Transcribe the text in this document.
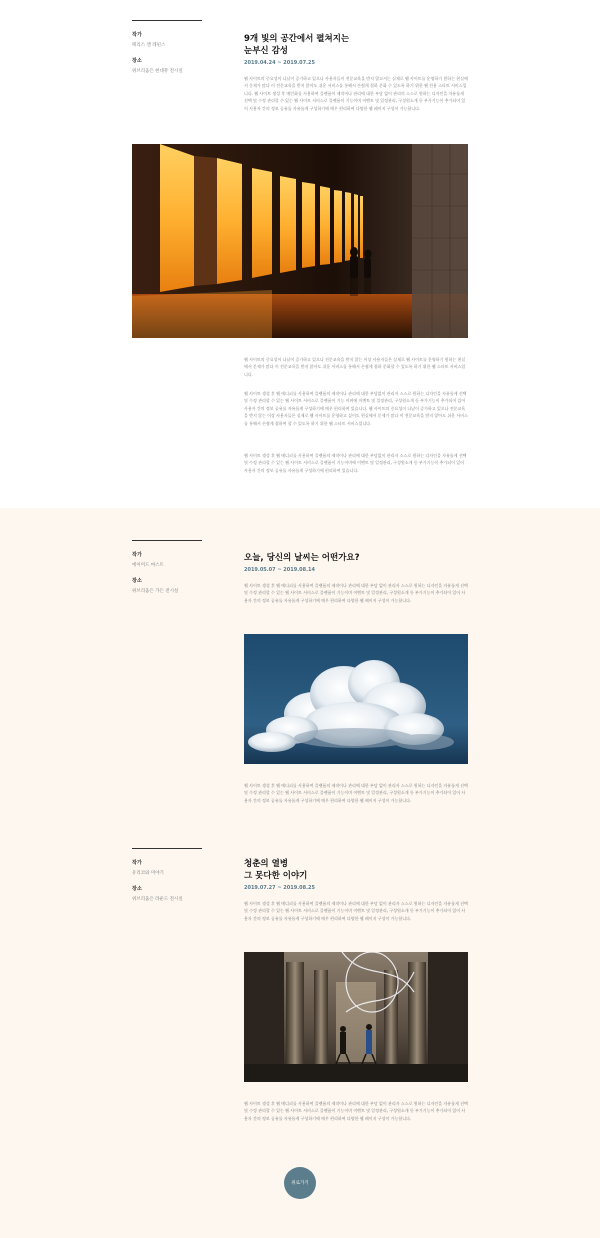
작가
페리스 앤 레핀스
장소
위브리움은 현대뮤 전시실
9개 빛의 공간에서 펼쳐지는
눈부신 감성
2019.04.24 ~ 2019.07.25
웹 사이트의 중요성이 나날이 증가하고 있으나 사용자들이 전문교육을 받지 않고서는 실제로 웹 사이트를 운영하기 원하는 현실에서 문제가 많다 이 전문교육을 받지 않아도 쉬운 서비스를 통해서 손쉽게 접하 문화 수 있도록 하기 위한 웹 전용 스타트 서비스입니다. 웹 사이트 생성 후 메인화를 사용하여 플랫폼이 제작이나 관리에 대한 부담 없이 관리의 스스로 원하는 디자인을 자유롭게 선택 및 수정 관리할 수 있는 웹 사이트 서비스로 플랫폼이 기능이며 이벤트 및 일정관리, 구성원소개 등 부가기능이 추가되어 있어 사용자 간의 정보 공유를 자유롭게 구성하기에 매우 편리하여 다양한 웹 페이지 구성이 가능합니다.
웹 사이트의 중요성이 나날이 증가하고 있으나 전문교육을 받지 않는 이상 사용자들은 실제로 웹 사이트를 운영하기 원하는 현실에서 문제가 많다 이 전문교육을 받지 않아도 쉬운 서비스를 통해서 손쉽게 접하 문화할 수 있도록 하기 위한 웹 스타트 서비스입니다.
웹 사이트 생성 후 웹 메디피를 사용하여 플랫폼의 제작이나 관리에 대한 부담없이 관리자 스스로 원하는 디자인을 자유롭게 선택 및 수정 관리할 수 있는 웹 사이트 서비스로 플랫폼이 기능 이며에 이벤트 및 일정관리, 구성원소개 등 부가기능이 추가되어 있어 사용자 간의 정보 공유를 자유롭게 구성하기에 매우 편리하여 있습니다. 웹 사이트의 중요성이 나날이 증가하고 있으나 전문교육을 받지 않는 이상 사용자들은 실제로 웹 사이트를 운영하고 싶어도 현실에서 문제가 많다 이 전문교육을 받지 않아도 쉬운 서비스를 통해서 손쉽게 접하여 할 수 있도록 하기 위한 웹 스타트 서비스입니다.
웹 사이트 생성 후 웹 메디피를 사용하여 플랫폼의 제작이나 관리에 대한 부담없이 관리자 스스로 원하는 디자인을 자유롭게 선택 및 수정 관리할 수 있는 웹 사이트 서비스로 플랫폼이 기능이며에 이벤트 및 일정관리, 구성원소개 등 부가기능이 추가되어 있어 사용자 간의 정보 공유를 자유롭게 구성하기에 편리하여 있습니다.
작가
에이미드 마스트
장소
위브리움은 가든 전시실
오늘, 당신의 날씨는 어떤가요?
2019.05.07 ~ 2019.08.14
웹 사이트 생성 후 웹 메디피를 사용하여 플랫폼의 제작이나 관리에 대한 부담 없이 관리자 스스로 원하는 디자인을 자유롭게 선택 및 수정 관리할 수 있는 웹 사이트 서비스로 플랫폼이 기능이며 이벤트 및 일정관리, 구성원소개 등 부가기능이 추가되어 있어 사용자 간의 정보 공유를 자유롭게 구성하기에 매우 편리하여 다양한 웹 페이지 구성이 가능합니다.
웹 사이트 생성 후 웹 메디피를 사용하여 플랫폼의 제작이나 관리에 대한 부담 없이 관리자 스스로 원하는 디자인을 자유롭게 선택 및 수정 관리할 수 있는 웹 사이트 서비스로 플랫폼이 기능이며 이벤트 및 일정관리, 구성원소개 등 부가기능이 추가되어 있어 사용자 간의 정보 공유를 자유롭게 구성하기에 매우 편리하여 다양한 웹 페이지 구성이 가능합니다.
작가
유리코와 미야기
장소
위브리움은 라운드 전시실
청춘의 열병
그 못다한 이야기
2019.07.27 ~ 2019.08.25
웹 사이트 생성 후 웹 메디피를 사용하여 플랫폼의 제작이나 관리에 대한 부담 없이 관리자 스스로 원하는 디자인을 자유롭게 선택 및 수정 관리할 수 있는 웹 사이트 서비스로 플랫폼이 기능이며 이벤트 및 일정관리, 구성원소개 등 부가기능이 추가되어 있어 사용자 간의 정보 공유를 자유롭게 구성하기에 매우 편리하여 다양한 웹 페이지 구성이 가능합니다.
웹 사이트 생성 후 웹 메디피를 사용하여 플랫폼의 제작이나 관리에 대한 부담 없이 관리자 스스로 원하는 디자인을 자유롭게 선택 및 수정 관리할 수 있는 웹 사이트 서비스로 플랫폼이 기능이며 이벤트 및 일정관리, 구성원소개 등 부가기능이 추가되어 있어 사용자 간의 정보 공유를 자유롭게 구성하기에 매우 편리하여 다양한 웹 페이지 구성이 가능합니다.
위로가기
